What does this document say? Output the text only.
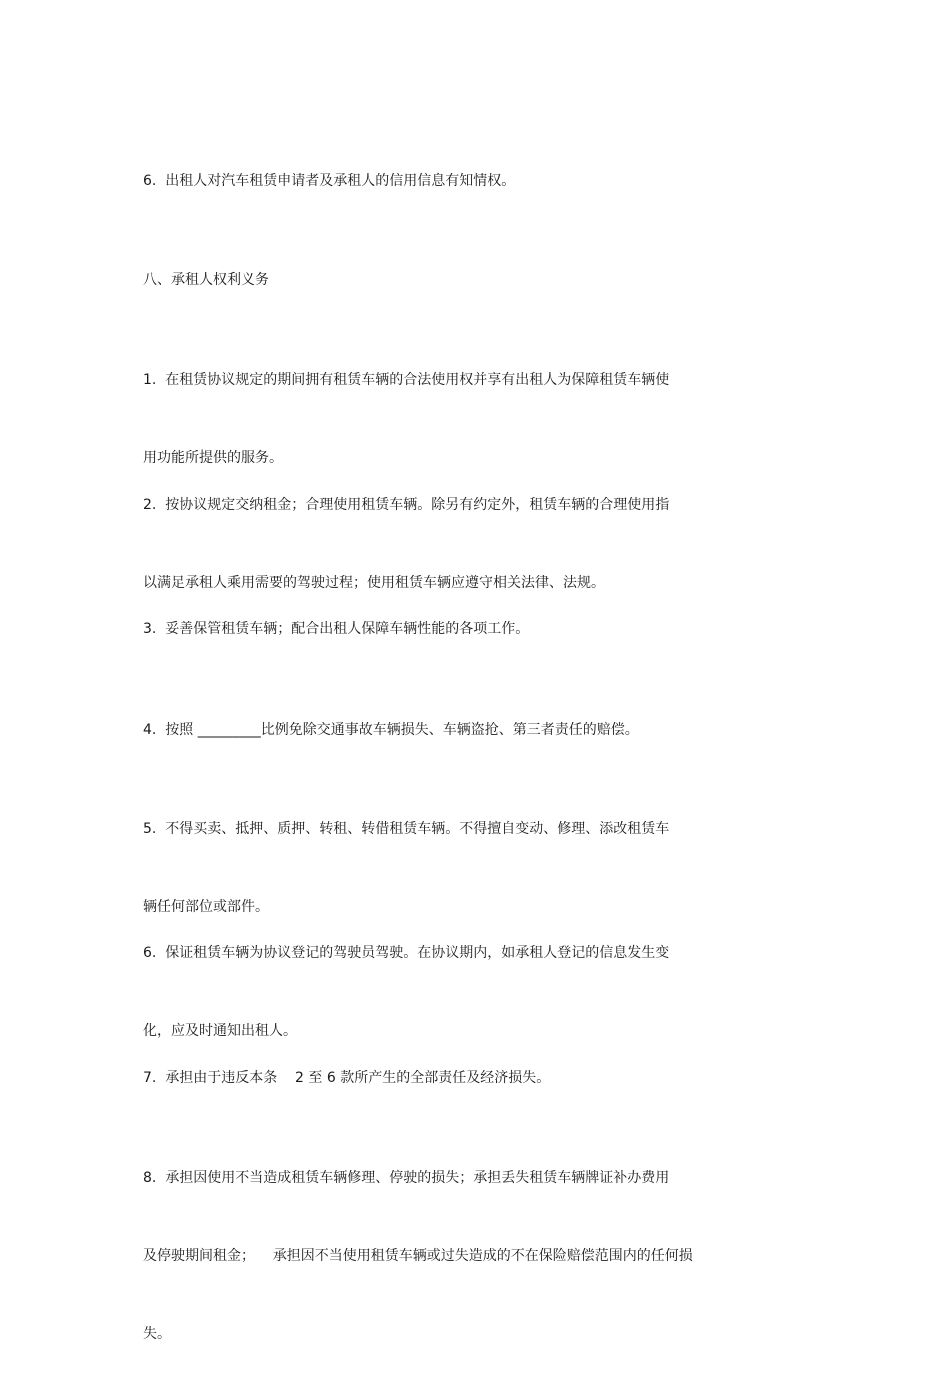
6.  出租人对汽车租赁申请者及承租人的信用信息有知情权。

八、承租人权利义务

1.  在租赁协议规定的期间拥有租赁车辆的合法使用权并享有出租人为保障租赁车辆使

用功能所提供的服务。

2.  按协议规定交纳租金；合理使用租赁车辆。除另有约定外，租赁车辆的合理使用指

以满足承租人乘用需要的驾驶过程；使用租赁车辆应遵守相关法律、法规。

3.  妥善保管租赁车辆；配合出租人保障车辆性能的各项工作。

4.  按照 _________比例免除交通事故车辆损失、车辆盗抢、第三者责任的赔偿。

5.  不得买卖、抵押、质押、转租、转借租赁车辆。不得擅自变动、修理、添改租赁车

辆任何部位或部件。

6.  保证租赁车辆为协议登记的驾驶员驾驶。在协议期内，如承租人登记的信息发生变

化，应及时通知出租人。

7.  承担由于违反本条    2 至 6 款所产生的全部责任及经济损失。

8.  承担因使用不当造成租赁车辆修理、停驶的损失；承担丢失租赁车辆牌证补办费用

及停驶期间租金；    承担因不当使用租赁车辆或过失造成的不在保险赔偿范围内的任何损

失。
